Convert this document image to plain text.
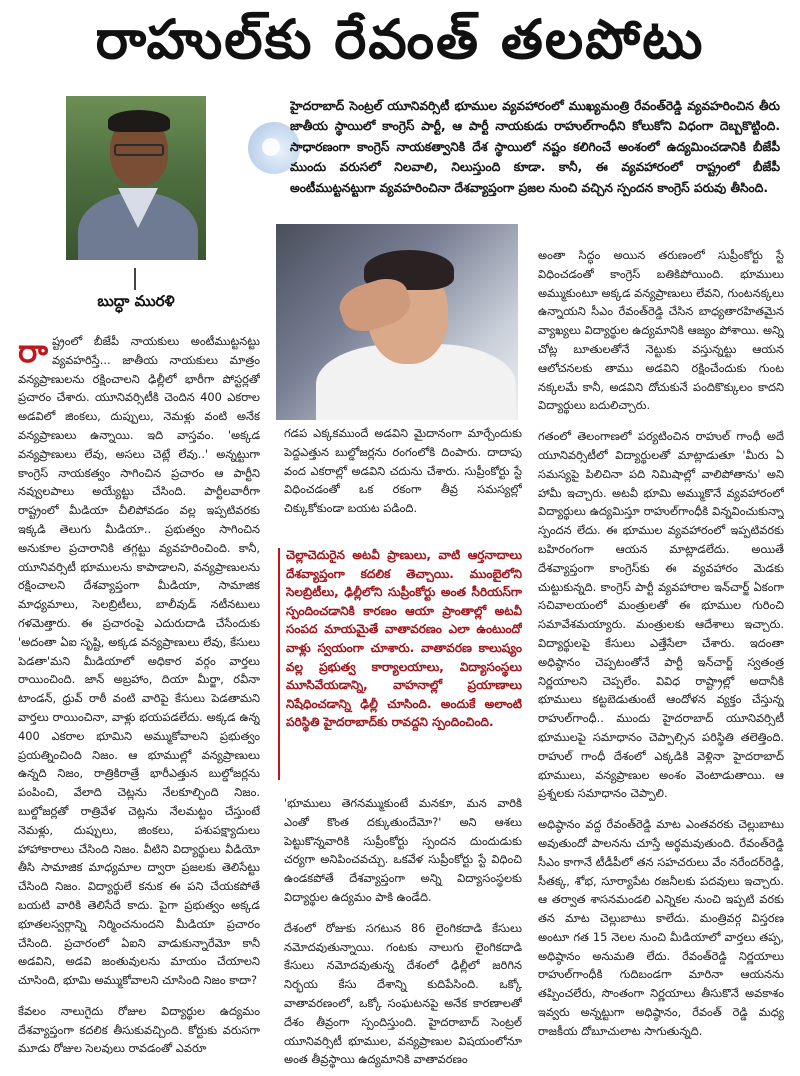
రాహుల్‌కు రేవంత్ తలపోటు
బుద్ధా మురళి
హైదరాబాద్ సెంట్రల్ యూనివర్సిటీ భూముల వ్యవహారంలో ముఖ్యమంత్రి రేవంత్‌రెడ్డి వ్యవహరించిన తీరు జాతీయ స్థాయిలో కాంగ్రెస్ పార్టీ, ఆ పార్టీ నాయకుడు రాహుల్‌గాంధీని కోలుకోని విధంగా దెబ్బకొట్టింది. సాధారణంగా కాంగ్రెస్ నాయకత్వానికి దేశ స్థాయిలో నష్టం కలిగించే అంశంలో ఉద్యమించడానికి బీజేపీ ముందు వరుసలో నిలవాలి, నిలుస్తుంది కూడా. కానీ, ఈ వ్యవహారంలో రాష్ట్రంలో బీజేపీ అంటీముట్టనట్టుగా వ్యవహరించినా దేశవ్యాప్తంగా ప్రజల నుంచి వచ్చిన స్పందన కాంగ్రెస్ పరువు తీసింది.
రా ష్ట్రంలో బీజేపీ నాయకులు అంటీముట్టనట్టు వ్యవహరిస్తే... జాతీయ నాయకులు మాత్రం వన్యప్రాణులను రక్షించాలని ఢిల్లీలో భారీగా పోస్టర్లతో ప్రచారం చేశారు. యూనివర్సిటీకి చెందిన 400 ఎకరాల అడవిలో జింకలు, దుప్పులు, నెమళ్లు వంటి అనేక వన్యప్రాణులు ఉన్నాయి. ఇది వాస్తవం. 'అక్కడ వన్యప్రాణులు లేవు, అసలు చెట్లే లేవు..' అన్నట్టుగా కాంగ్రెస్ నాయకత్వం సాగించిన ప్రచారం ఆ పార్టీని నవ్వులపాలు అయ్యేట్టు చేసింది. పార్టీలవారీగా రాష్ట్రంలో మీడియా చీలిపోవడం వల్ల ఇప్పటివరకు ఇక్కడి తెలుగు మీడియా.. ప్రభుత్వం సాగించిన అనుకూల ప్రచారానికి తగ్గట్టు వ్యవహరించింది. కానీ, యూనివర్సిటీ భూములను కాపాడాలని, వన్యప్రాణులను రక్షించాలని దేశవ్యాప్తంగా మీడియా, సామాజిక మాధ్యమాలు, సెలబ్రిటీలు, బాలీవుడ్ నటీనటులు గళమెత్తారు. ఈ ప్రచారంపై ఎదురుదాడి చేసేందుకు 'అదంతా ఏఐ సృష్టి, అక్కడ వన్యప్రాణులు లేవు, కేసులు పెడతా'మని మీడియాలో అధికార వర్గం వార్తలు రాయించింది. జాన్ అబ్రహాం, దియా మీర్జా, రవీనా టాండన్, ధ్రువ్ రాఠీ వంటి వారిపై కేసులు పెడతామని వార్తలు రాయించినా, వాళ్లు భయపడలేదు. అక్కడ ఉన్న 400 ఎకరాల భూమిని అమ్ముకోవాలని ప్రభుత్వం ప్రయత్నించింది నిజం. ఆ భూముల్లో వన్యప్రాణులు ఉన్నది నిజం, రాత్రికిరాత్రే భారీఎత్తున బుల్డోజర్లను పంపించి, వేలాది చెట్లను నేలకూల్చింది నిజం. బుల్డోజర్లతో రాత్రివేళ చెట్లను నేలమట్టం చేస్తుంటే నెమళ్లు, దుప్పులు, జింకలు, పశుపక్ష్యాదులు హాహాకారాలు చేసింది నిజం. వీటిని విద్యార్థులు వీడియో తీసి సామాజిక మాధ్యమాల ద్వారా ప్రజలకు తెలిసేట్టు చేసింది నిజం. విద్యార్థులే కనుక ఈ పని చేయకపోతే బయటి వారికి తెలిసేదే కాదు. పైగా ప్రభుత్వం అక్కడ భూతలస్వర్గాన్ని నిర్మించనుందని మీడియా ప్రచారం చేసింది. ప్రచారంలో ఏఐని వాడుకున్నారేమో కానీ అడవిని, అడవి జంతువులను మాయం చేయాలని చూసింది, భూమి అమ్ముకోవాలని చూసింది నిజం కాదా?
కేవలం నాలుగైదు రోజుల విద్యార్థుల ఉద్యమం దేశవ్యాప్తంగా కదలిక తీసుకువచ్చింది. కోర్టుకు వరుసగా మూడు రోజుల సెలవులు రావడంతో ఎవరూ
గడప ఎక్కకముందే అడవిని మైదానంగా మార్చేందుకు పెద్దఎత్తున బుల్డోజర్లను రంగంలోకి దింపారు. దాదాపు వంద ఎకరాల్లో అడవిని చదును చేశారు. సుప్రీంకోర్టు స్టే విధించడంతో ఒక రకంగా తీవ్ర సమస్యల్లో చిక్కుకోకుండా బయట పడింది.
చెల్లాచెదురైన అటవీ ప్రాణులు, వాటి ఆర్తనాదాలు దేశవ్యాప్తంగా కదలిక తెచ్చాయి. ముంబైలోని సెలబ్రిటీలు, ఢిల్లీలోని సుప్రీంకోర్టు అంత సీరియస్‌గా స్పందించడానికి కారణం ఆయా ప్రాంతాల్లో అటవీ సంపద మాయమైతే వాతావరణం ఎలా ఉంటుందో వాళ్లు స్వయంగా చూశారు. వాతావరణ కాలుష్యం వల్ల ప్రభుత్వ కార్యాలయాలు, విద్యాసంస్థలు మూసివేయడాన్ని, వాహనాల్లో ప్రయాణాలు నిషేధించడాన్ని ఢిల్లీ చూసింది. అందుకే అలాంటి పరిస్థితి హైదరాబాద్‌కు రావద్దని స్పందించింది.
'భూములు తెగనమ్ముకుంటే మనకూ, మన వారికి ఎంతో కొంత దక్కుతుందేమో?' అని ఆశలు పెట్టుకొన్నవారికి సుప్రీంకోర్టు స్పందన దుందుడుకు చర్యగా అనిపించవచ్చు. ఒకవేళ సుప్రీంకోర్టు స్టే విధించి ఉండకపోతే దేశవ్యాప్తంగా అన్ని విద్యాసంస్థలకు విద్యార్థుల ఉద్యమం పాకి ఉండేది.
దేశంలో రోజుకు సగటున 86 లైంగికదాడి కేసులు నమోదవుతున్నాయి. గంటకు నాలుగు లైంగికదాడి కేసులు నమోదవుతున్న దేశంలో ఢిల్లీలో జరిగిన నిర్భయ కేసు దేశాన్ని కుదిపేసింది. ఒక్కో వాతావరణంలో, ఒక్కో సంఘటనపై అనేక కారణాలతో దేశం తీవ్రంగా స్పందిస్తుంది. హైదరాబాద్ సెంట్రల్ యూనివర్సిటీ భూముల, వన్యప్రాణుల విషయంలోనూ అంత తీవ్రస్థాయి ఉద్యమానికి వాతావరణం
అంతా సిద్ధం అయిన తరుణంలో సుప్రీంకోర్టు స్టే విధించడంతో కాంగ్రెస్ బతికిపోయింది. భూములు అమ్ముకుంటూ అక్కడ వన్యప్రాణులు లేవని, గుంటనక్కలు ఉన్నాయని సీఎం రేవంత్‌రెడ్డి చేసిన బాధ్యతారహితమైన వ్యాఖ్యలు విద్యార్థుల ఉద్యమానికి ఆజ్యం పోశాయి. అన్ని చోట్ల బూతులతోనే నెట్టుకు వస్తున్నట్టు ఆయన ఆలోచనలకు తాము అడవిని రక్షించేందుకు గుంట నక్కలమే కానీ, అడవిని దోచుకునే పందికొక్కులం కాదని విద్యార్థులు బదులిచ్చారు.
గతంలో తెలంగాణలో పర్యటించిన రాహుల్ గాంధీ అదే యూనివర్సిటీలో విద్యార్థులతో మాట్లాడుతూ 'మీరు ఏ సమస్యపై పిలిచినా పది నిమిషాల్లో వాలిపోతాను' అని హామీ ఇచ్చారు. అటవీ భూమి అమ్ముకొనే వ్యవహారంలో విద్యార్థులు ఉద్యమిస్తూ రాహుల్‌గాంధీకి విన్నవించుకున్నా స్పందన లేదు. ఈ భూముల వ్యవహారంలో ఇప్పటివరకు బహిరంగంగా ఆయన మాట్లాడలేదు. అయితే దేశవ్యాప్తంగా కాంగ్రెస్‌కు ఈ వ్యవహారం మెడకు చుట్టుకున్నది. కాంగ్రెస్ పార్టీ వ్యవహారాల ఇన్‌చార్జ్ ఏకంగా సచివాలయంలో మంత్రులతో ఈ భూముల గురించి సమావేశమయ్యారు. మంత్రులకు ఆదేశాలు ఇచ్చారు. విద్యార్థులపై కేసులు ఎత్తేసేలా చేశారు. ఇదంతా అధిష్ఠానం చెప్పటంతోనే పార్టీ ఇన్‌చార్జ్ స్వతంత్ర నిర్ణయాలని చెప్పలేం. వివిధ రాష్ట్రాల్లో అదానీకి భూములు కట్టబెడుతుంటే ఆందోళన వ్యక్తం చేస్తున్న రాహుల్‌గాంధీ.. ముందు హైదరాబాద్ యూనివర్సిటీ భూములపై సమాధానం చెప్పాల్సిన పరిస్థితి తలెత్తింది. రాహుల్ గాంధీ దేశంలో ఎక్కడికి వెళ్లినా హైదరాబాద్ భూములు, వన్యప్రాణుల అంశం వెంటాడుతాయి. ఆ ప్రశ్నలకు సమాధానం చెప్పాలి.
అధిష్ఠానం వద్ద రేవంత్‌రెడ్డి మాట ఎంతవరకు చెల్లుబాటు అవుతుందో పాలనను చూస్తే అర్థమవుతుంది. రేవంత్‌రెడ్డి సీఎం కాగానే టీడీపీలో తన సహచరులు వేం నరేందర్‌రెడ్డి, సీతక్క, శోభ, సూర్యాపేట రజనీలకు పదవులు ఇచ్చారు. ఆ తర్వాత శాసనమండలి ఎన్నికల నుంచి ఇప్పటి వరకు తన మాట చెల్లుబాటు కాలేదు. మంత్రివర్గ విస్తరణ అంటూ గత 15 నెలల నుంచి మీడియాలో వార్తలు తప్ప, అధిష్ఠానం అనుమతి లేదు. రేవంత్‌రెడ్డి నిర్ణయాలు రాహుల్‌గాంధీకి గుదిబండగా మారినా ఆయనను తప్పించలేరు, సొంతంగా నిర్ణయాలు తీసుకొనే అవకాశం ఇవ్వరు అన్నట్టుగా అధిష్ఠానం, రేవంత్ రెడ్డి మధ్య రాజకీయ దోబూచులాట సాగుతున్నది.
